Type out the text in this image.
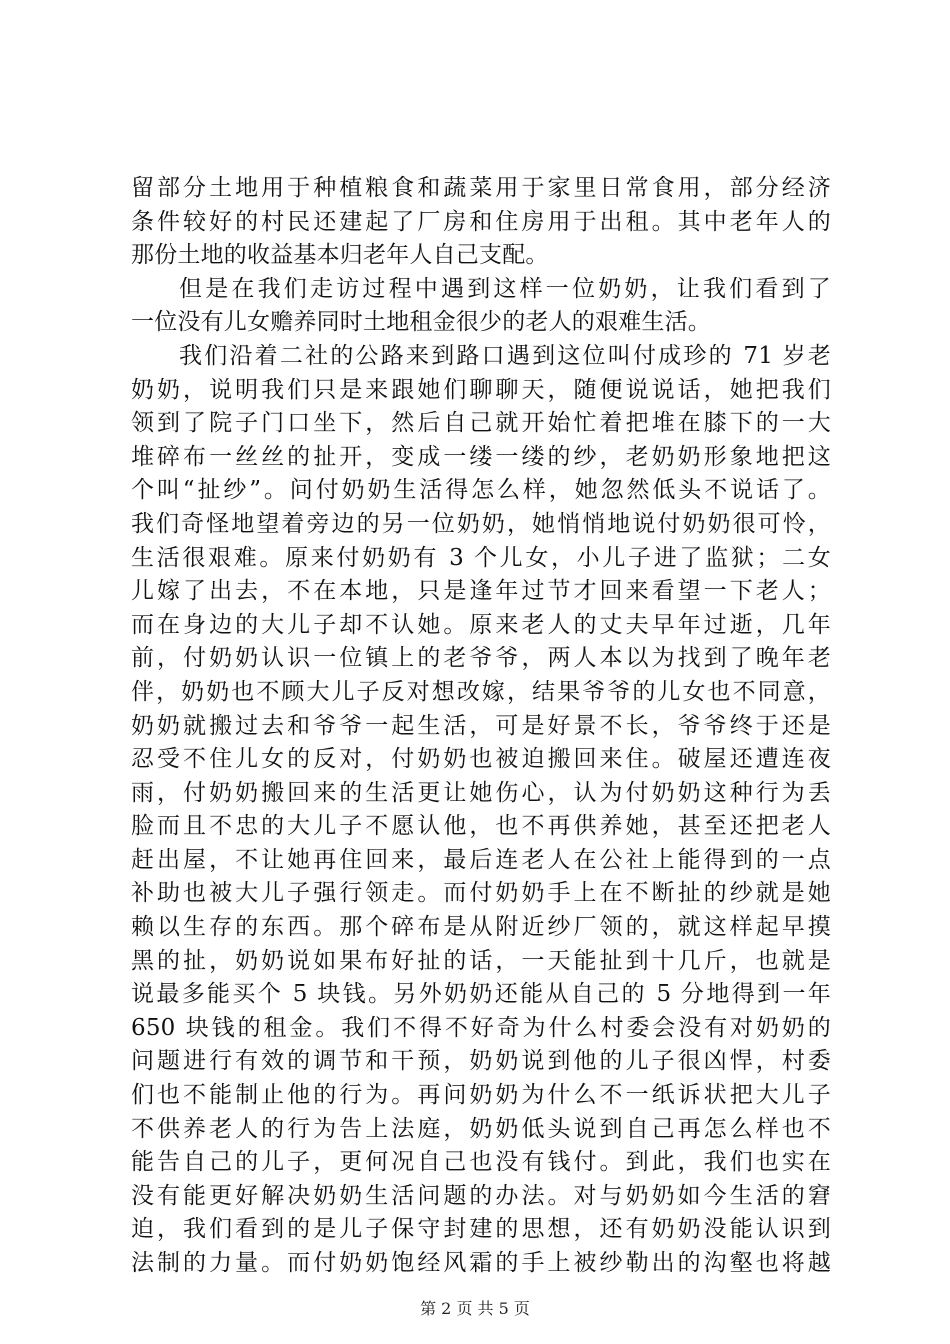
留部分土地用于种植粮食和蔬菜用于家里日常食用，部分经济
条件较好的村民还建起了厂房和住房用于出租。其中老年人的
那份土地的收益基本归老年人自己支配。
但是在我们走访过程中遇到这样一位奶奶，让我们看到了
一位没有儿女赡养同时土地租金很少的老人的艰难生活。
我们沿着二社的公路来到路口遇到这位叫付成珍的 71 岁老
奶奶，说明我们只是来跟她们聊聊天，随便说说话，她把我们
领到了院子门口坐下，然后自己就开始忙着把堆在膝下的一大
堆碎布一丝丝的扯开，变成一缕一缕的纱，老奶奶形象地把这
个叫“扯纱”。问付奶奶生活得怎么样，她忽然低头不说话了。
我们奇怪地望着旁边的另一位奶奶，她悄悄地说付奶奶很可怜，
生活很艰难。原来付奶奶有 3 个儿女，小儿子进了监狱；二女
儿嫁了出去，不在本地，只是逢年过节才回来看望一下老人；
而在身边的大儿子却不认她。原来老人的丈夫早年过逝，几年
前，付奶奶认识一位镇上的老爷爷，两人本以为找到了晚年老
伴，奶奶也不顾大儿子反对想改嫁，结果爷爷的儿女也不同意，
奶奶就搬过去和爷爷一起生活，可是好景不长，爷爷终于还是
忍受不住儿女的反对，付奶奶也被迫搬回来住。破屋还遭连夜
雨，付奶奶搬回来的生活更让她伤心，认为付奶奶这种行为丢
脸而且不忠的大儿子不愿认他，也不再供养她，甚至还把老人
赶出屋，不让她再住回来，最后连老人在公社上能得到的一点
补助也被大儿子强行领走。而付奶奶手上在不断扯的纱就是她
赖以生存的东西。那个碎布是从附近纱厂领的，就这样起早摸
黑的扯，奶奶说如果布好扯的话，一天能扯到十几斤，也就是
说最多能买个 5 块钱。另外奶奶还能从自己的 5 分地得到一年
650 块钱的租金。我们不得不好奇为什么村委会没有对奶奶的
问题进行有效的调节和干预，奶奶说到他的儿子很凶悍，村委
们也不能制止他的行为。再问奶奶为什么不一纸诉状把大儿子
不供养老人的行为告上法庭，奶奶低头说到自己再怎么样也不
能告自己的儿子，更何况自己也没有钱付。到此，我们也实在
没有能更好解决奶奶生活问题的办法。对与奶奶如今生活的窘
迫，我们看到的是儿子保守封建的思想，还有奶奶没能认识到
法制的力量。而付奶奶饱经风霜的手上被纱勒出的沟壑也将越
第 2 页 共 5 页
